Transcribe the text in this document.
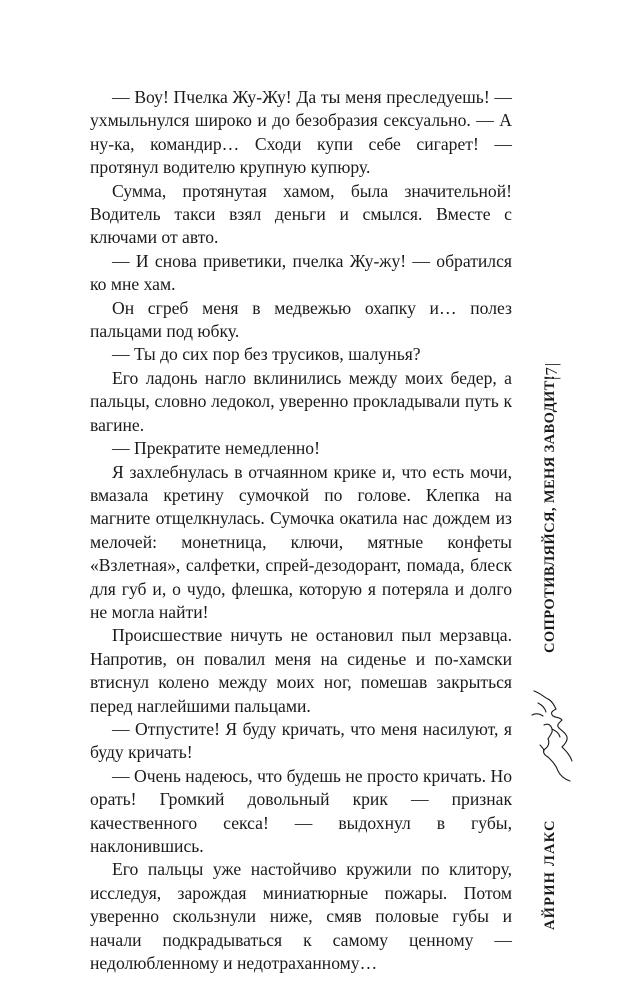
— Воу! Пчелка Жу-Жу! Да ты меня преследуешь! — ухмыльнулся широко и до безобразия сексуально. — А ну-ка, командир… Сходи купи себе сигарет! — протянул водителю крупную купюру.

Сумма, протянутая хамом, была значительной! Водитель такси взял деньги и смылся. Вместе с ключами от авто.

— И снова приветики, пчелка Жу-жу! — обратился ко мне хам.

Он сгреб меня в медвежью охапку и… полез пальцами под юбку.

— Ты до сих пор без трусиков, шалунья?

Его ладонь нагло вклинились между моих бедер, а пальцы, словно ледокол, уверенно прокладывали путь к вагине.

— Прекратите немедленно!

Я захлебнулась в отчаянном крике и, что есть мочи, вмазала кретину сумочкой по голове. Клепка на магните отщелкнулась. Сумочка окатила нас дождем из мелочей: монетница, ключи, мятные конфеты «Взлетная», салфетки, спрей-дезодорант, помада, блеск для губ и, о чудо, флешка, которую я потеряла и долго не могла найти!

Происшествие ничуть не остановил пыл мерзавца. Напротив, он повалил меня на сиденье и по-хамски втиснул колено между моих ног, помешав закрыться перед наглейшими пальцами.

— Отпустите! Я буду кричать, что меня насилуют, я буду кричать!

— Очень надеюсь, что будешь не просто кричать. Но орать! Громкий довольный крик — признак качественного секса! — выдохнул в губы, наклонившись.

Его пальцы уже настойчиво кружили по клитору, исследуя, зарождая миниатюрные пожары. Потом уверенно скользнули ниже, смяв половые губы и начали подкрадываться к самому ценному — недолюбленному и недотраханному…

|7|
СОПРОТИВЛЯЙСЯ, МЕНЯ ЗАВОДИТ!
АЙРИН ЛАКС
